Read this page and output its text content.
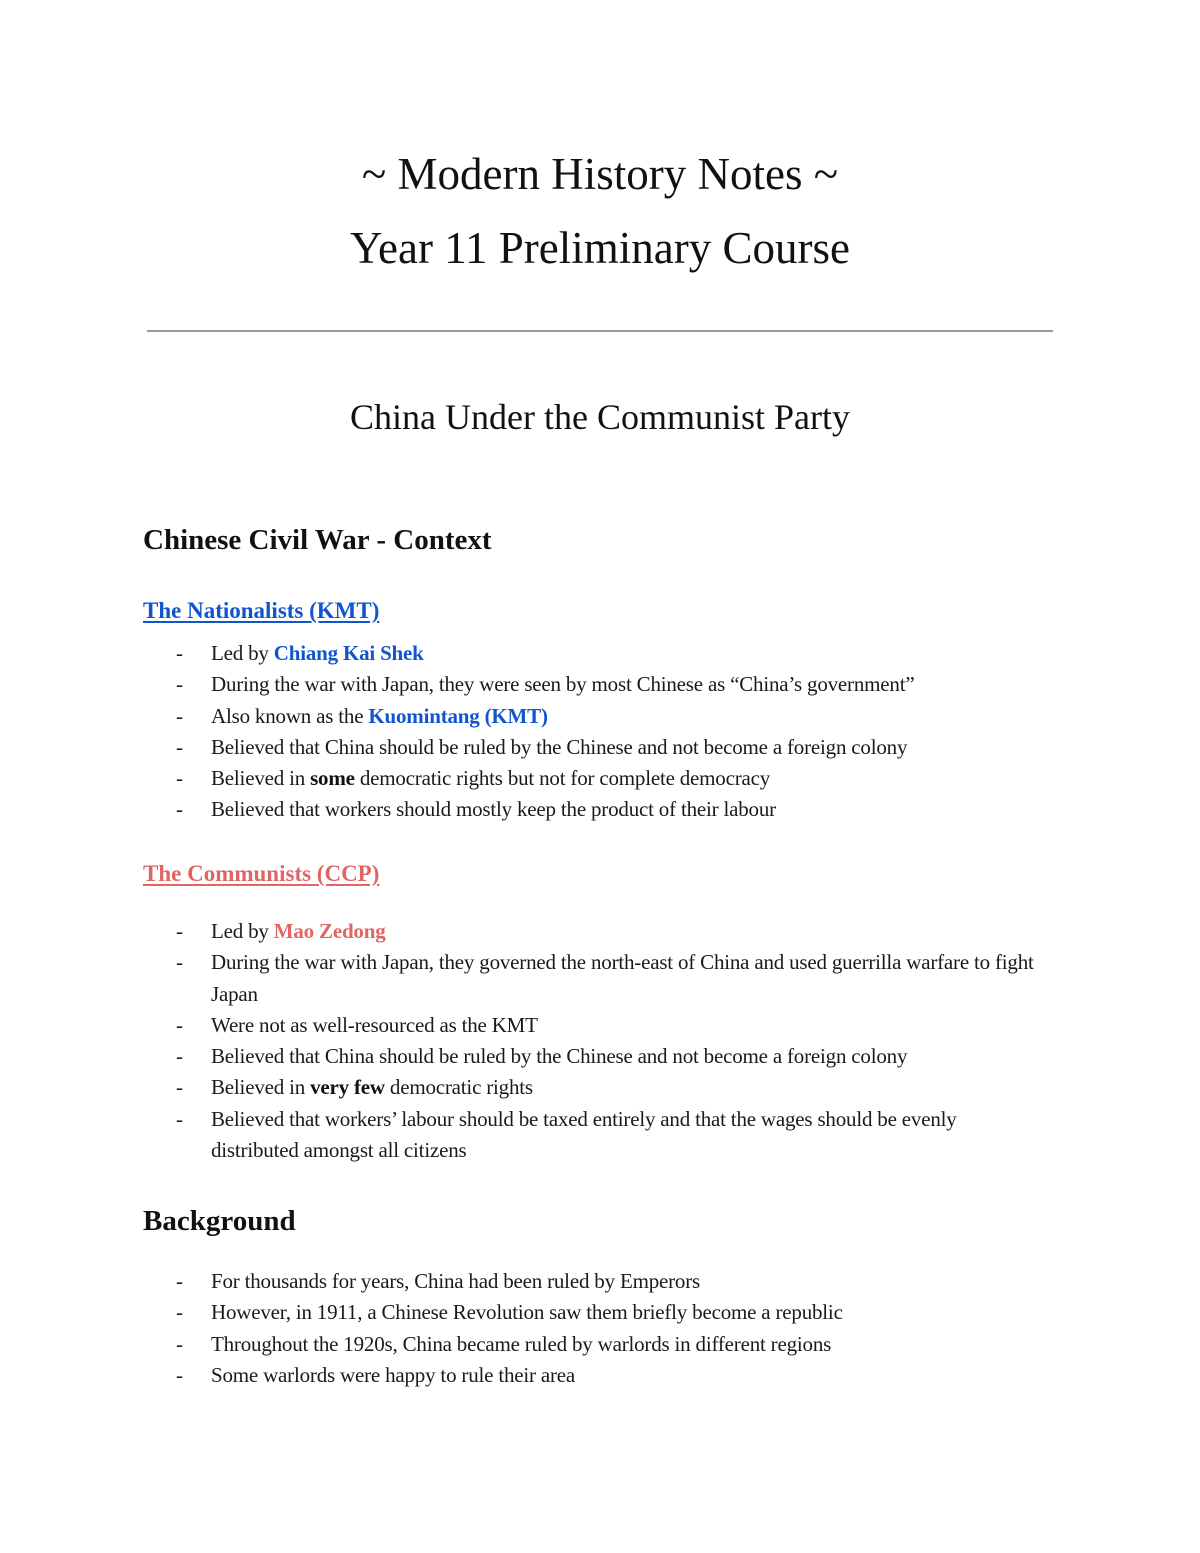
~ Modern History Notes ~
Year 11 Preliminary Course
China Under the Communist Party
Chinese Civil War - Context
The Nationalists (KMT)
- Led by Chiang Kai Shek
- During the war with Japan, they were seen by most Chinese as “China’s government”
- Also known as the Kuomintang (KMT)
- Believed that China should be ruled by the Chinese and not become a foreign colony
- Believed in some democratic rights but not for complete democracy
- Believed that workers should mostly keep the product of their labour
The Communists (CCP)
- Led by Mao Zedong
- During the war with Japan, they governed the north-east of China and used guerrilla warfare to fight Japan
- Were not as well-resourced as the KMT
- Believed that China should be ruled by the Chinese and not become a foreign colony
- Believed in very few democratic rights
- Believed that workers’ labour should be taxed entirely and that the wages should be evenly distributed amongst all citizens
Background
- For thousands for years, China had been ruled by Emperors
- However, in 1911, a Chinese Revolution saw them briefly become a republic
- Throughout the 1920s, China became ruled by warlords in different regions
- Some warlords were happy to rule their area
